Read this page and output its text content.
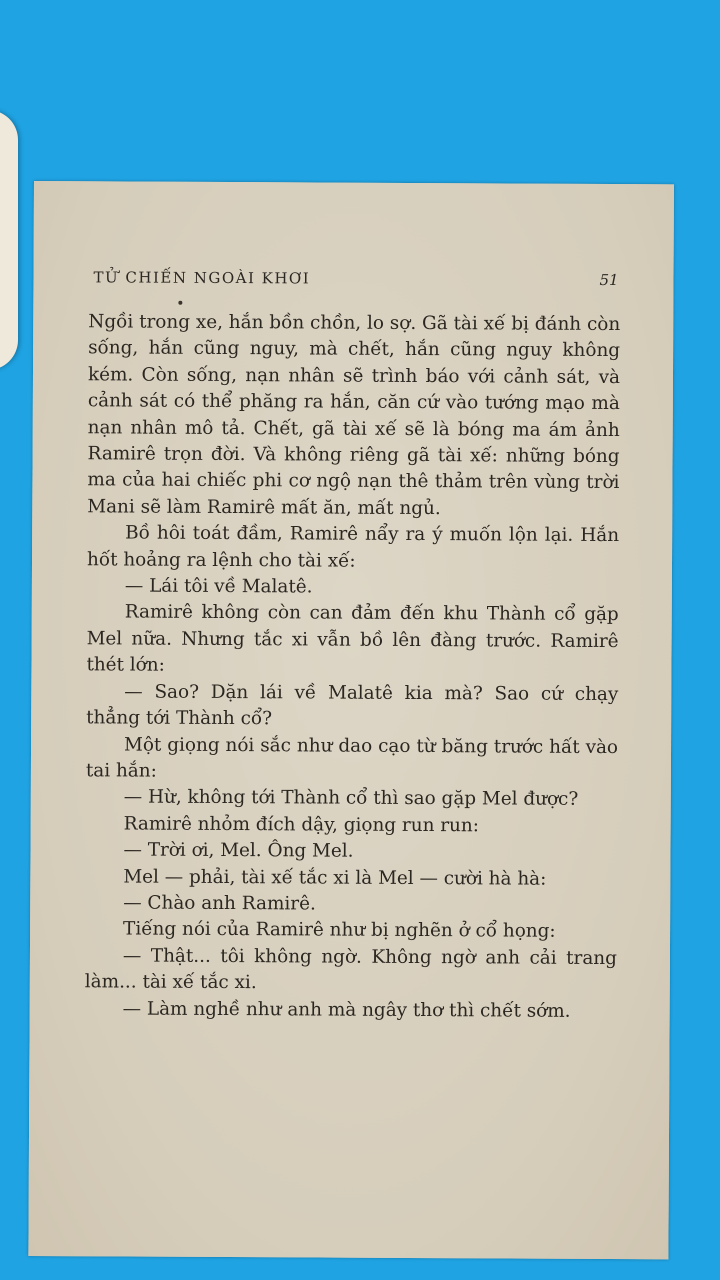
TỬ CHIẾN NGOÀI KHƠI	51

Ngồi trong xe, hắn bồn chồn, lo sợ. Gã tài xế bị đánh còn sống, hắn cũng nguy, mà chết, hắn cũng nguy không kém. Còn sống, nạn nhân sẽ trình báo với cảnh sát, và cảnh sát có thể phăng ra hắn, căn cứ vào tướng mạo mà nạn nhân mô tả. Chết, gã tài xế sẽ là bóng ma ám ảnh Ramirê trọn đời. Và không riêng gã tài xế: những bóng ma của hai chiếc phi cơ ngộ nạn thê thảm trên vùng trời Mani sẽ làm Ramirê mất ăn, mất ngủ.

Bồ hôi toát đầm, Ramirê nẩy ra ý muốn lộn lại. Hắn hốt hoảng ra lệnh cho tài xế:

— Lái tôi về Malatê.

Ramirê không còn can đảm đến khu Thành cổ gặp Mel nữa. Nhưng tắc xi vẫn bồ lên đàng trước. Ramirê thét lớn:

— Sao? Dặn lái về Malatê kia mà? Sao cứ chạy thẳng tới Thành cổ?

Một giọng nói sắc như dao cạo từ băng trước hất vào tai hắn:

— Hừ, không tới Thành cổ thì sao gặp Mel được?

Ramirê nhỏm đích dậy, giọng run run:

— Trời ơi, Mel. Ông Mel.

Mel — phải, tài xế tắc xi là Mel — cười hà hà:

— Chào anh Ramirê.

Tiếng nói của Ramirê như bị nghẽn ở cổ họng:

— Thật... tôi không ngờ. Không ngờ anh cải trang làm... tài xế tắc xi.

— Làm nghề như anh mà ngây thơ thì chết sớm.
